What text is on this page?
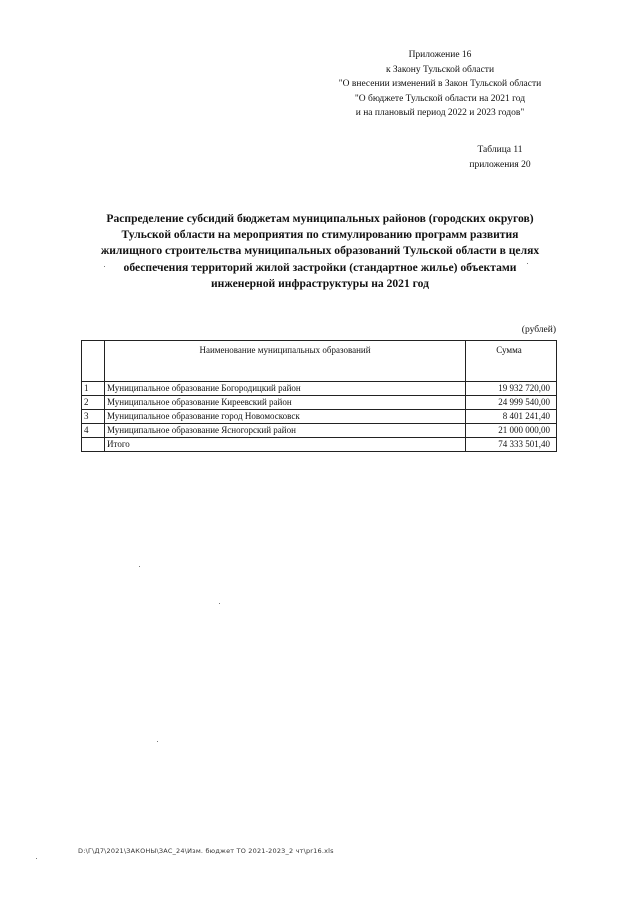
Приложение 16
к Закону Тульской области
"О внесении изменений в Закон Тульской области
"О бюджете Тульской области на 2021 год
и на плановый период 2022 и 2023 годов"
Таблица 11
приложения 20
Распределение субсидий бюджетам муниципальных районов (городских округов)
Тульской области на мероприятия по стимулированию программ развития
жилищного строительства муниципальных образований Тульской области в целях
обеспечения территорий жилой застройки (стандартное жилье) объектами
инженерной инфраструктуры на 2021 год
(рублей)
	Наименование муниципальных образований	Сумма
1	Муниципальное образование Богородицкий район	19 932 720,00
2	Муниципальное образование Киреевский район	24 999 540,00
3	Муниципальное образование город Новомосковск	8 401 241,40
4	Муниципальное образование Ясногорский район	21 000 000,00
	Итого	74 333 501,40
D:\Г\Д7\2021\ЗАКОНЫ\ЗАС_24\Изм. бюджет ТО 2021-2023_2 чт\pr16.xls
